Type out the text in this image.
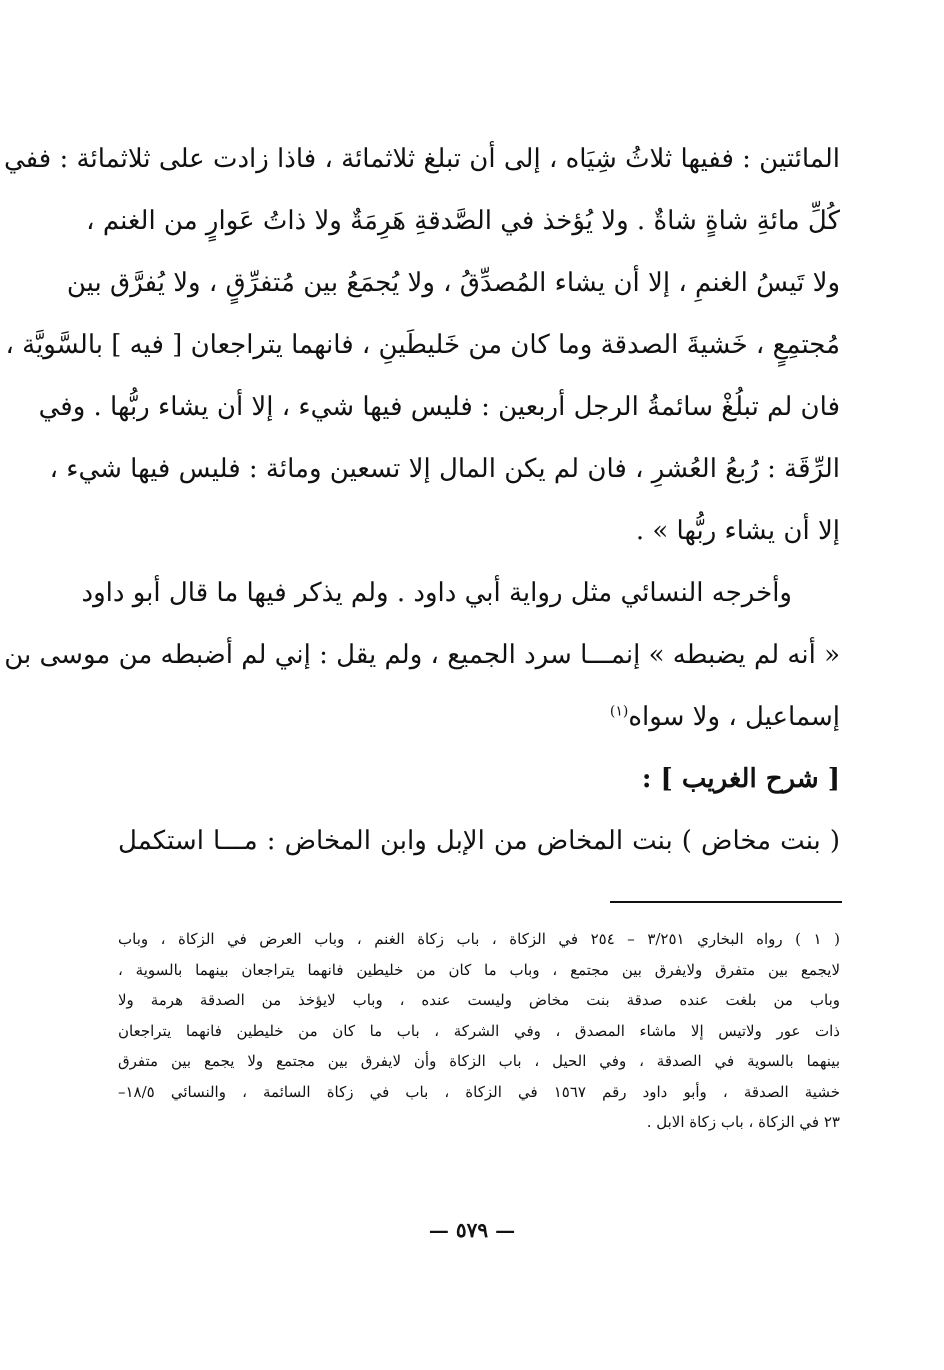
المائتين : ففيها ثلاثُ شِيَاه ، إلى أن تبلغ ثلاثمائة ، فاذا زادت على ثلاثمائة : ففي
كُلِّ مائةِ شاةٍ شاةٌ . ولا يُؤخذ في الصَّدقةِ هَرِمَةٌ ولا ذاتُ عَوارٍ من الغنم ،
ولا تَيسُ الغنمِ ، إلا أن يشاء المُصدِّقُ ، ولا يُجمَعُ بين مُتفرِّقٍ ، ولا يُفرَّق بين
مُجتمِعٍ ، خَشيةَ الصدقة وما كان من خَليطَينِ ، فانهما يتراجعان [ فيه ] بالسَّويَّة ،
فان لم تبلُغْ سائمةُ الرجل أربعين : فليس فيها شيء ، إلا أن يشاء ربُّها . وفي
الرِّقَة : رُبعُ العُشرِ ، فان لم يكن المال إلا تسعين ومائة : فليس فيها شيء ،
إلا أن يشاء ربُّها » .
وأخرجه النسائي مثل رواية أبي داود . ولم يذكر فيها ما قال أبو داود
« أنه لم يضبطه » إنمـــا سرد الجميع ، ولم يقل : إني لم أضبطه من موسى بن
إسماعيل ، ولا سواه$^{(١)}$
[ شرح الغريب ] :
( بنت مخاض ) بنت المخاض من الإبل وابن المخاض : مـــا استكمل
( ١ ) رواه البخاري ٣/٢٥١ – ٢٥٤ في الزكاة ، باب زكاة الغنم ، وباب العرض في الزكاة ، وباب
لايجمع بين متفرق ولايفرق بين مجتمع ، وباب ما كان من خليطين فانهما يتراجعان بينهما بالسوية ،
وباب من بلغت عنده صدقة بنت مخاض وليست عنده ، وباب لايؤخذ من الصدقة هرمة ولا
ذات عور ولاتيس إلا ماشاء المصدق ، وفي الشركة ، باب ما كان من خليطين فانهما يتراجعان
بينهما بالسوية في الصدقة ، وفي الحيل ، باب الزكاة وأن لايفرق بين مجتمع ولا يجمع بين متفرق
خشية الصدقة ، وأبو داود رقم ١٥٦٧ في الزكاة ، باب في زكاة السائمة ، والنسائي ١٨/٥–
٢٣ في الزكاة ، باب زكاة الابل .
— ٥٧٩ —
